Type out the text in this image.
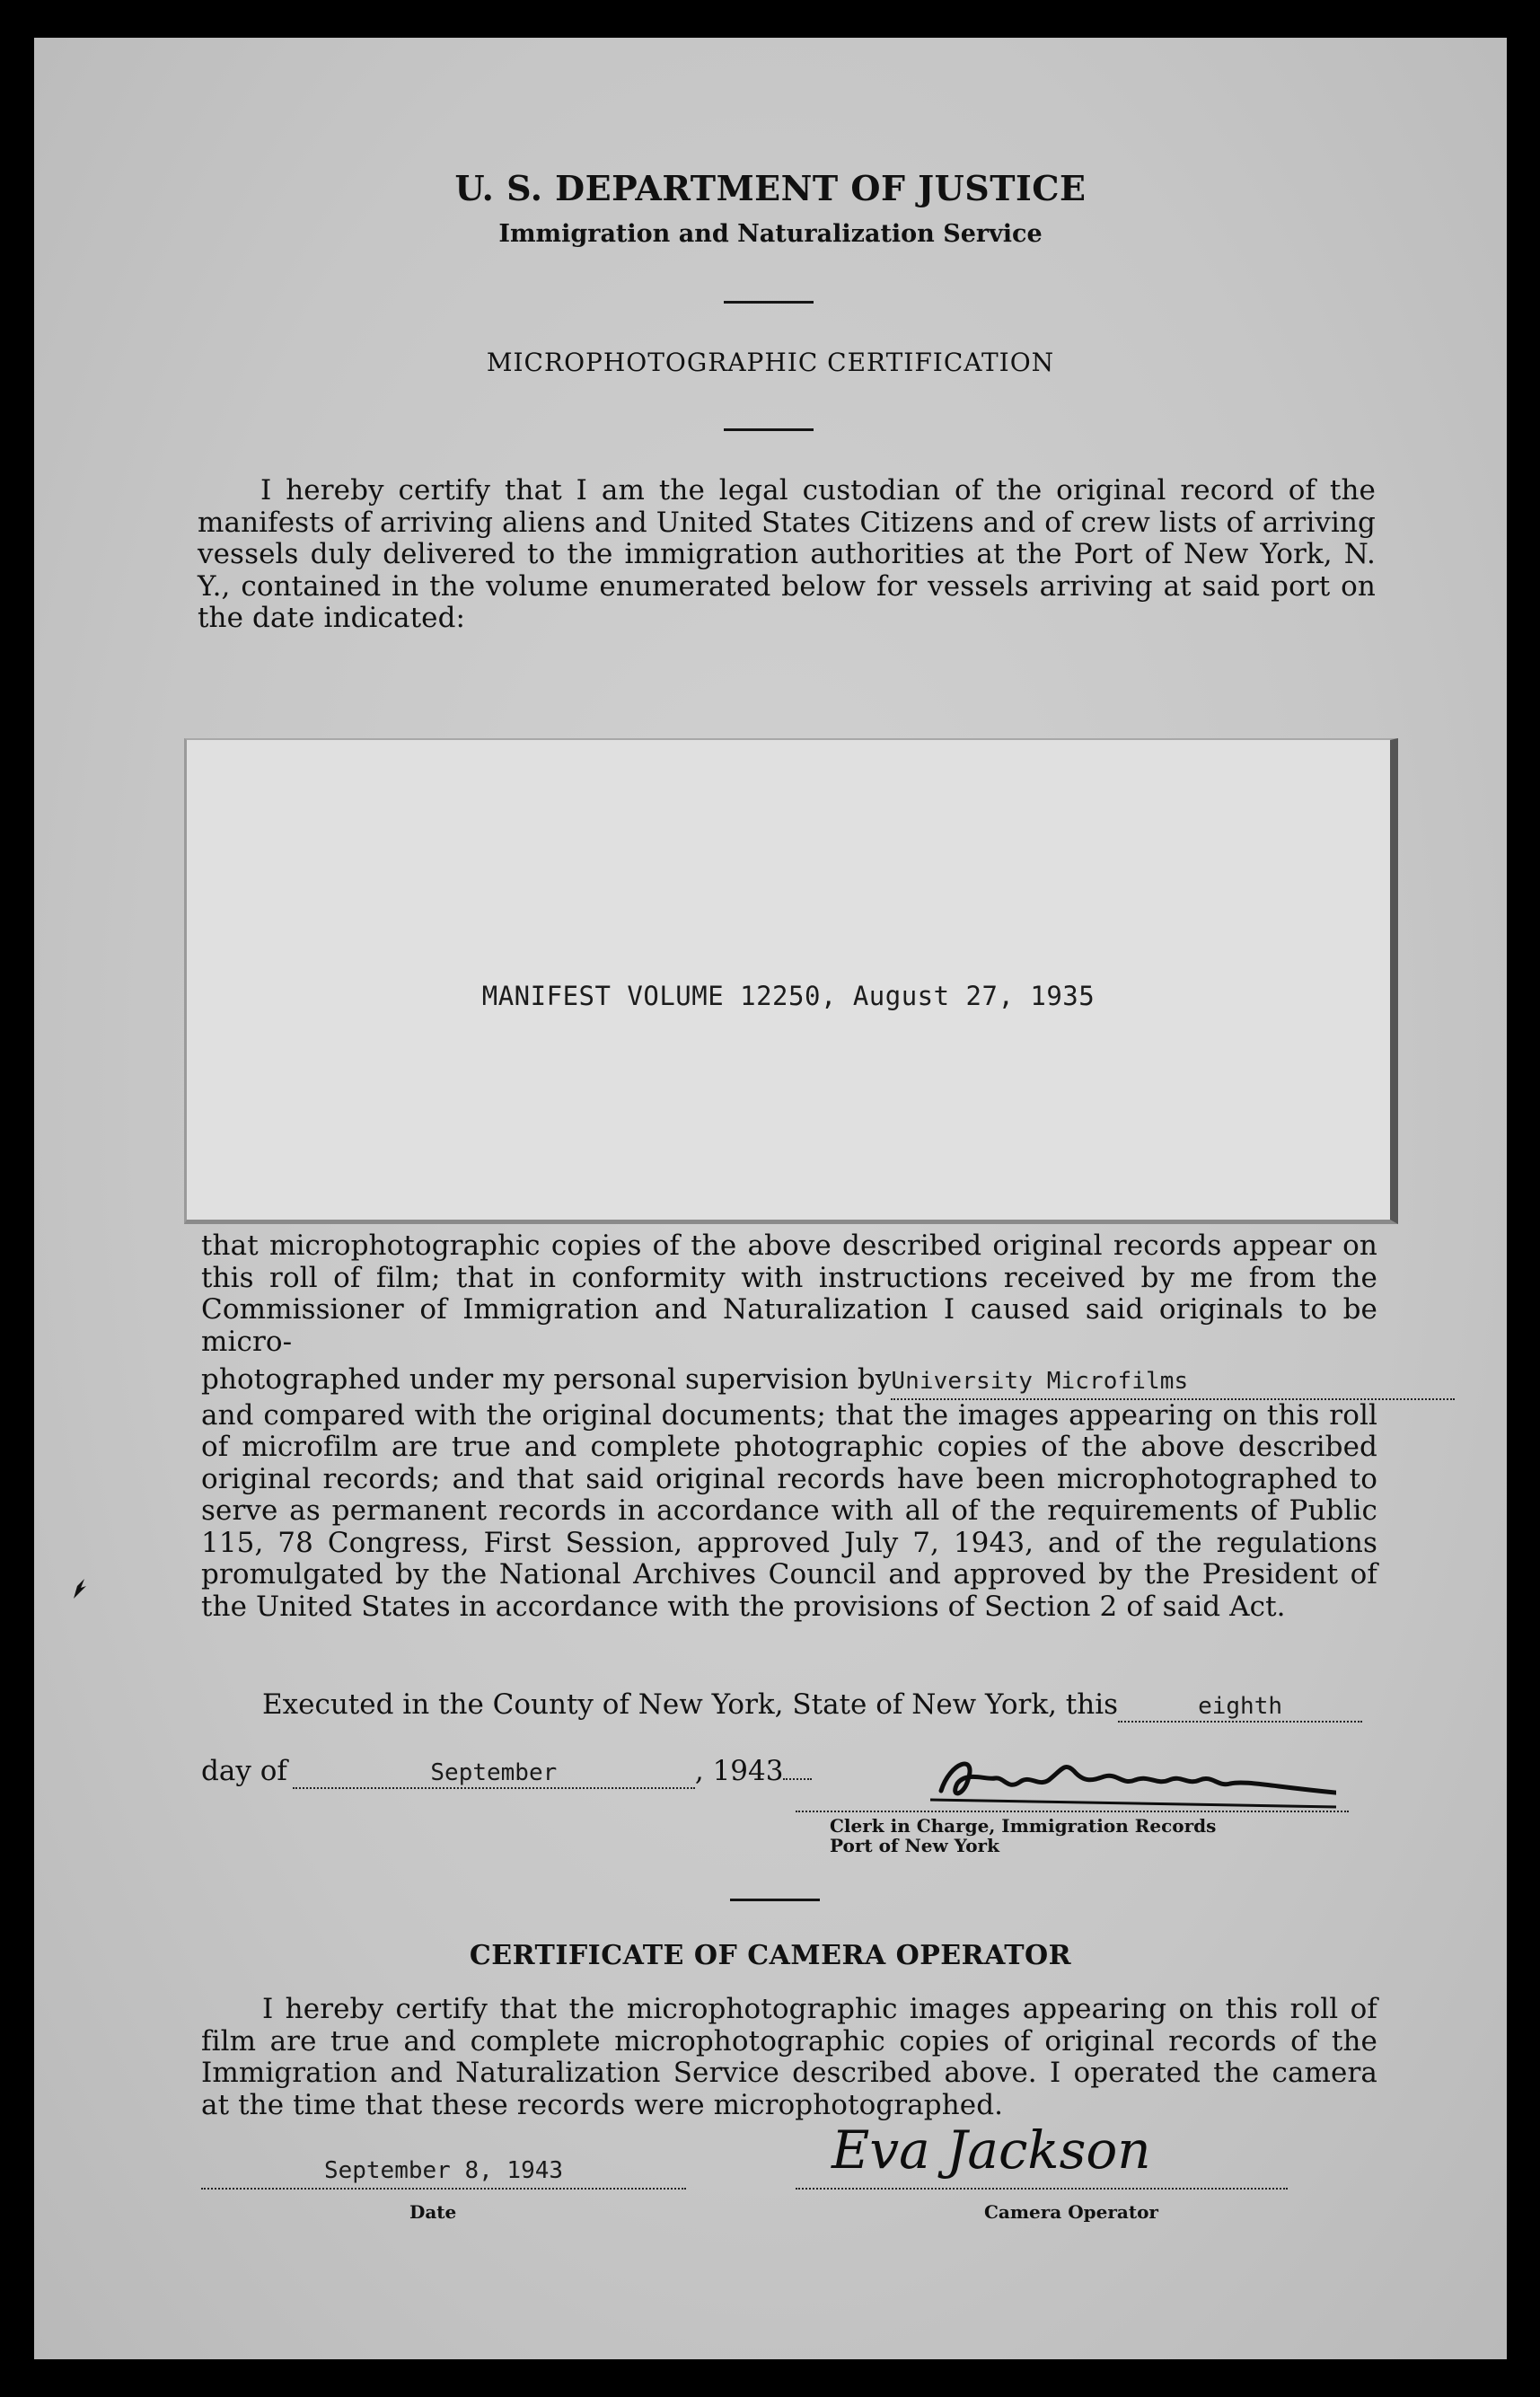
U. S. DEPARTMENT OF JUSTICE
Immigration and Naturalization Service
MICROPHOTOGRAPHIC CERTIFICATION

I hereby certify that I am the legal custodian of the original record of the manifests of arriving aliens and United States Citizens and of crew lists of arriving vessels duly delivered to the immigration authorities at the Port of New York, N. Y., contained in the volume enumerated below for vessels arriving at said port on the date indicated:

MANIFEST VOLUME 12250, August 27, 1935

that microphotographic copies of the above described original records appear on this roll of film; that in conformity with instructions received by me from the Commissioner of Immigration and Naturalization I caused said originals to be micro-

photographed under my personal supervision byUniversity Microfilms

and compared with the original documents; that the images appearing on this roll of microfilm are true and complete photographic copies of the above described original records; and that said original records have been microphotographed to serve as permanent records in accordance with all of the requirements of Public 115, 78 Congress, First Session, approved July 7, 1943, and of the regulations promulgated by the National Archives Council and approved by the President of the United States in accordance with the provisions of Section 2 of said Act.

Executed in the County of New York, State of New York, this	eighth
day of	September	, 1943
Clerk in Charge, Immigration Records
Port of New York
CERTIFICATE OF CAMERA OPERATOR

I hereby certify that the microphotographic images appearing on this roll of film are true and complete microphotographic copies of original records of the Immigration and Naturalization Service described above. I operated the camera at the time that these records were microphotographed.

September 8, 1943
Date
Eva Jackson
Camera Operator
